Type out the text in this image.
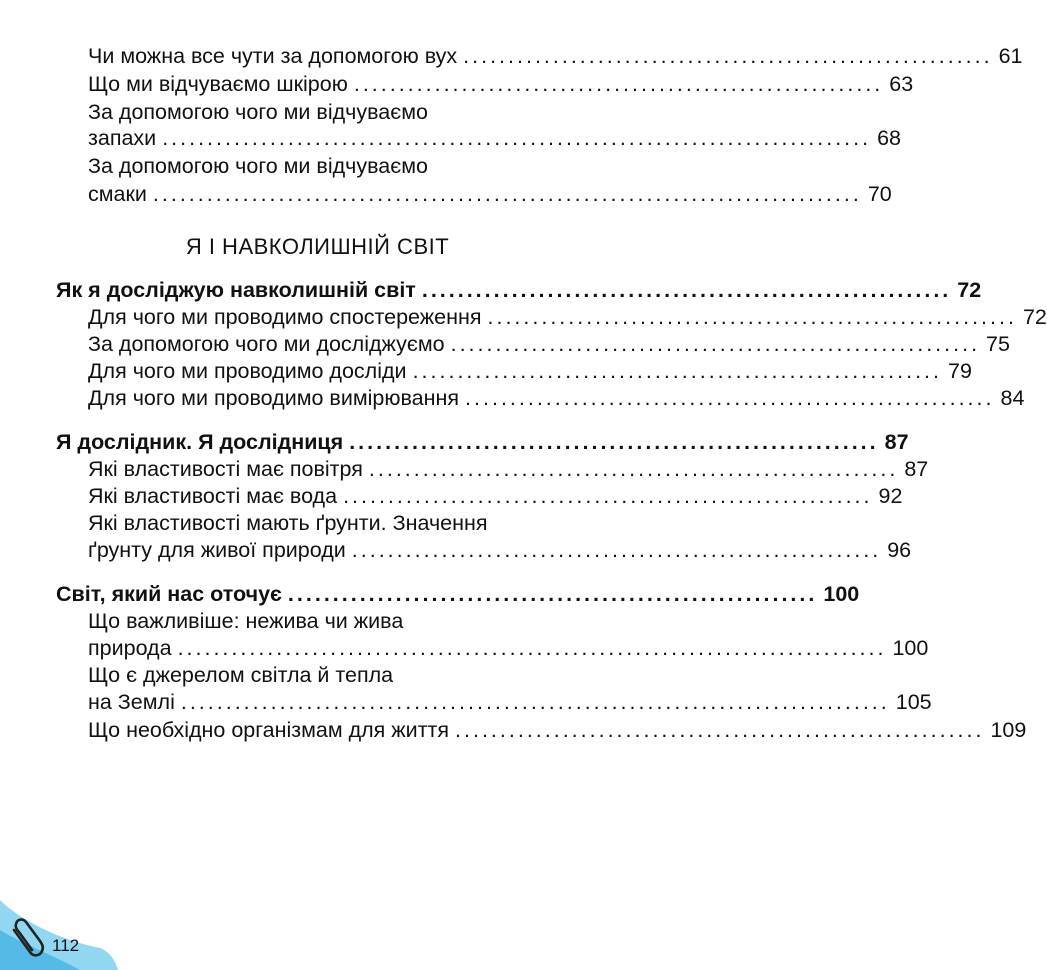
Чи можна все чути за допомогою вух ........................................................... 61
Що ми відчуваємо шкірою ........................................................... 63
За допомогою чого ми відчуваємо
запахи ............................................................................... 68
За допомогою чого ми відчуваємо
смаки ............................................................................... 70
Я І НАВКОЛИШНІЙ СВІТ
Як я досліджую навколишній світ ........................................................... 72
Для чого ми проводимо спостереження ........................................................... 72
За допомогою чого ми досліджуємо ........................................................... 75
Для чого ми проводимо досліди ........................................................... 79
Для чого ми проводимо вимірювання ........................................................... 84
Я дослідник. Я дослідниця ........................................................... 87
Які властивості має повітря ........................................................... 87
Які властивості має вода ........................................................... 92
Які властивості мають ґрунти. Значення
ґрунту для живої природи ........................................................... 96
Світ, який нас оточує ........................................................... 100
Що важливіше: нежива чи жива
природа ............................................................................... 100
Що є джерелом світла й тепла
на Землі ............................................................................... 105
Що необхідно організмам для життя ........................................................... 109
112
